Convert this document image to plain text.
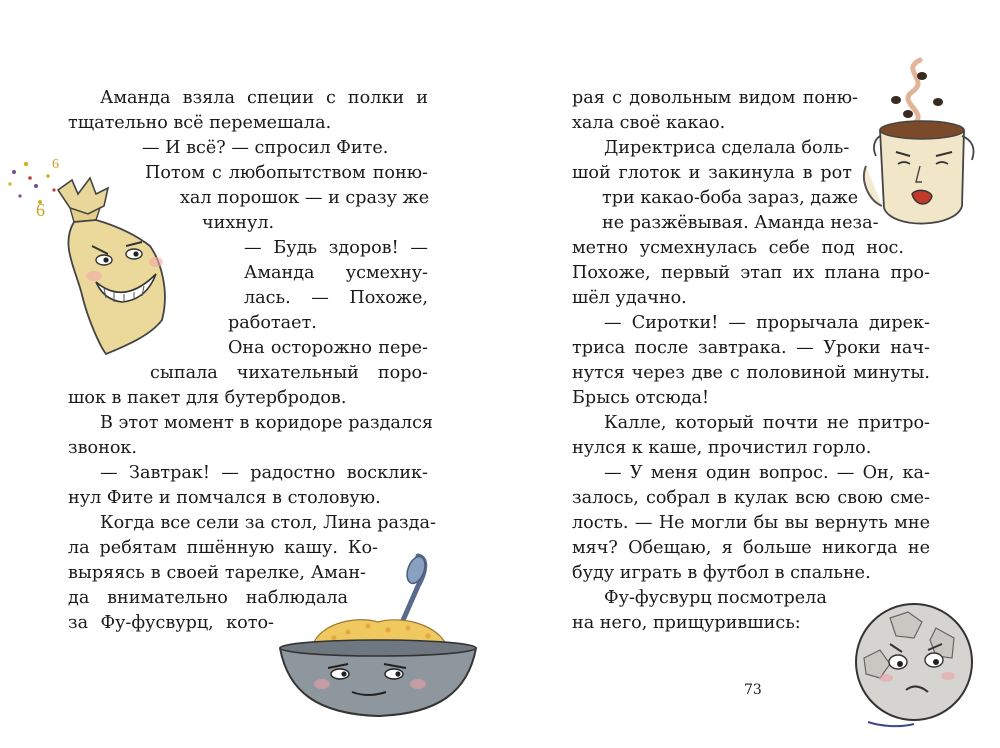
Аманда взяла специи с полки и
тщательно всё перемешала.
— И всё? — спросил Фите.
Потом с любопытством поню-
хал порошок — и сразу же
чихнул.
— Будь здоров! —
Аманда усмехну-
лась. — Похоже,
работает.
Она осторожно пере-
сыпала чихательный поро-
шок в пакет для бутербродов.
В этот момент в коридоре раздался
звонок.
— Завтрак! — радостно восклик-
нул Фите и помчался в столовую.
Когда все сели за стол, Лина разда-
ла ребятам пшённую кашу. Ко-
выряясь в своей тарелке, Аман-
да внимательно наблюдала
за Фу-фусвурц, кото-
6
6
рая с довольным видом поню-
хала своё какао.
Директриса сделала боль-
шой глоток и закинула в рот
три какао-боба зараз, даже
не разжёвывая. Аманда неза-
метно усмехнулась себе под нос.
Похоже, первый этап их плана про-
шёл удачно.
— Сиротки! — прорычала дирек-
триса после завтрака. — Уроки нач-
нутся через две с половиной минуты.
Брысь отсюда!
Калле, который почти не притро-
нулся к каше, прочистил горло.
— У меня один вопрос. — Он, ка-
залось, собрал в кулак всю свою сме-
лость. — Не могли бы вы вернуть мне
мяч? Обещаю, я больше никогда не
буду играть в футбол в спальне.
Фу-фусвурц посмотрела
на него, прищурившись:
73
